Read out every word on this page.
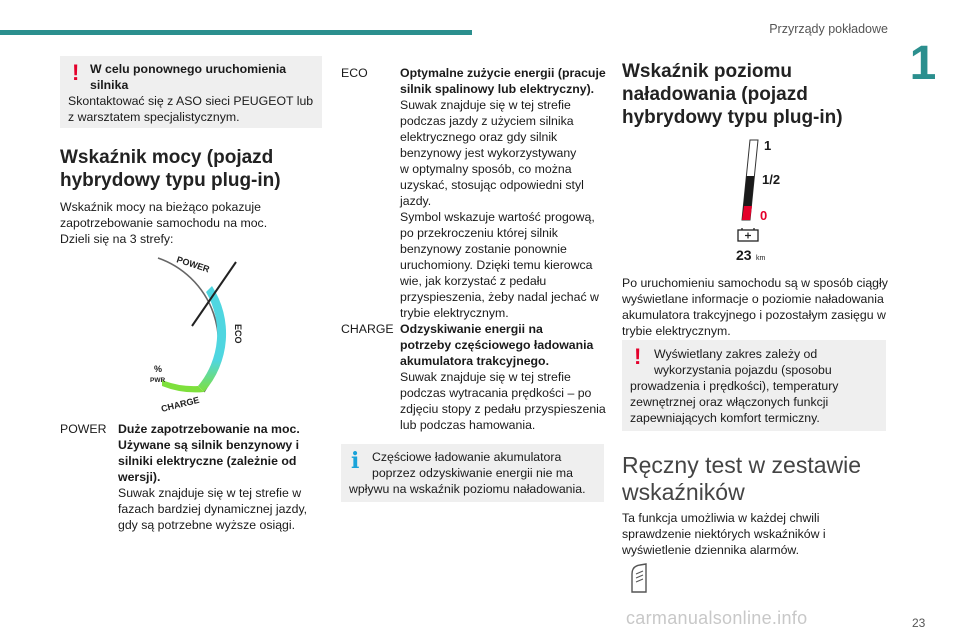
Przyrządy pokładowe
1
! W celu ponownego uruchomienia
silnika
Skontaktować się z ASO sieci PEUGEOT lub
z warsztatem specjalistycznym.
Wskaźnik mocy (pojazd
hybrydowy typu plug-in)
Wskaźnik mocy na bieżąco pokazuje
zapotrzebowanie samochodu na moc.
Dzieli się na 3 strefy:
POWER
ECO
CHARGE
%
PWR
POWER Duże zapotrzebowanie na moc.
Używane są silnik benzynowy i
silniki elektryczne (zależnie od
wersji).
Suwak znajduje się w tej strefie w
fazach bardziej dynamicznej jazdy,
gdy są potrzebne wyższe osiągi.
ECO	Optymalne zużycie energii (pracuje
silnik spalinowy lub elektryczny).
Suwak znajduje się w tej strefie
podczas jazdy z użyciem silnika
elektrycznego oraz gdy silnik
benzynowy jest wykorzystywany
w optymalny sposób, co można
uzyskać, stosując odpowiedni styl
jazdy.
Symbol wskazuje wartość progową,
po przekroczeniu której silnik
benzynowy zostanie ponownie
uruchomiony. Dzięki temu kierowca
wie, jak korzystać z pedału
przyspieszenia, żeby nadal jechać w
trybie elektrycznym.
CHARGE Odzyskiwanie energii na
potrzeby częściowego ładowania
akumulatora trakcyjnego.
Suwak znajduje się w tej strefie
podczas wytracania prędkości – po
zdjęciu stopy z pedału przyspieszenia
lub podczas hamowania.
i Częściowe ładowanie akumulatora
poprzez odzyskiwanie energii nie ma
wpływu na wskaźnik poziomu naładowania.
Wskaźnik poziomu
naładowania (pojazd
hybrydowy typu plug-in)
1
1/2
0
23 km
Po uruchomieniu samochodu są w sposób ciągły
wyświetlane informacje o poziomie naładowania
akumulatora trakcyjnego i pozostałym zasięgu w
trybie elektrycznym.
! Wyświetlany zakres zależy od
wykorzystania pojazdu (sposobu
prowadzenia i prędkości), temperatury
zewnętrznej oraz włączonych funkcji
zapewniających komfort termiczny.
Ręczny test w zestawie
wskaźników
Ta funkcja umożliwia w każdej chwili
sprawdzenie niektórych wskaźników i
wyświetlenie dziennika alarmów.
carmanualsonline.info	23
